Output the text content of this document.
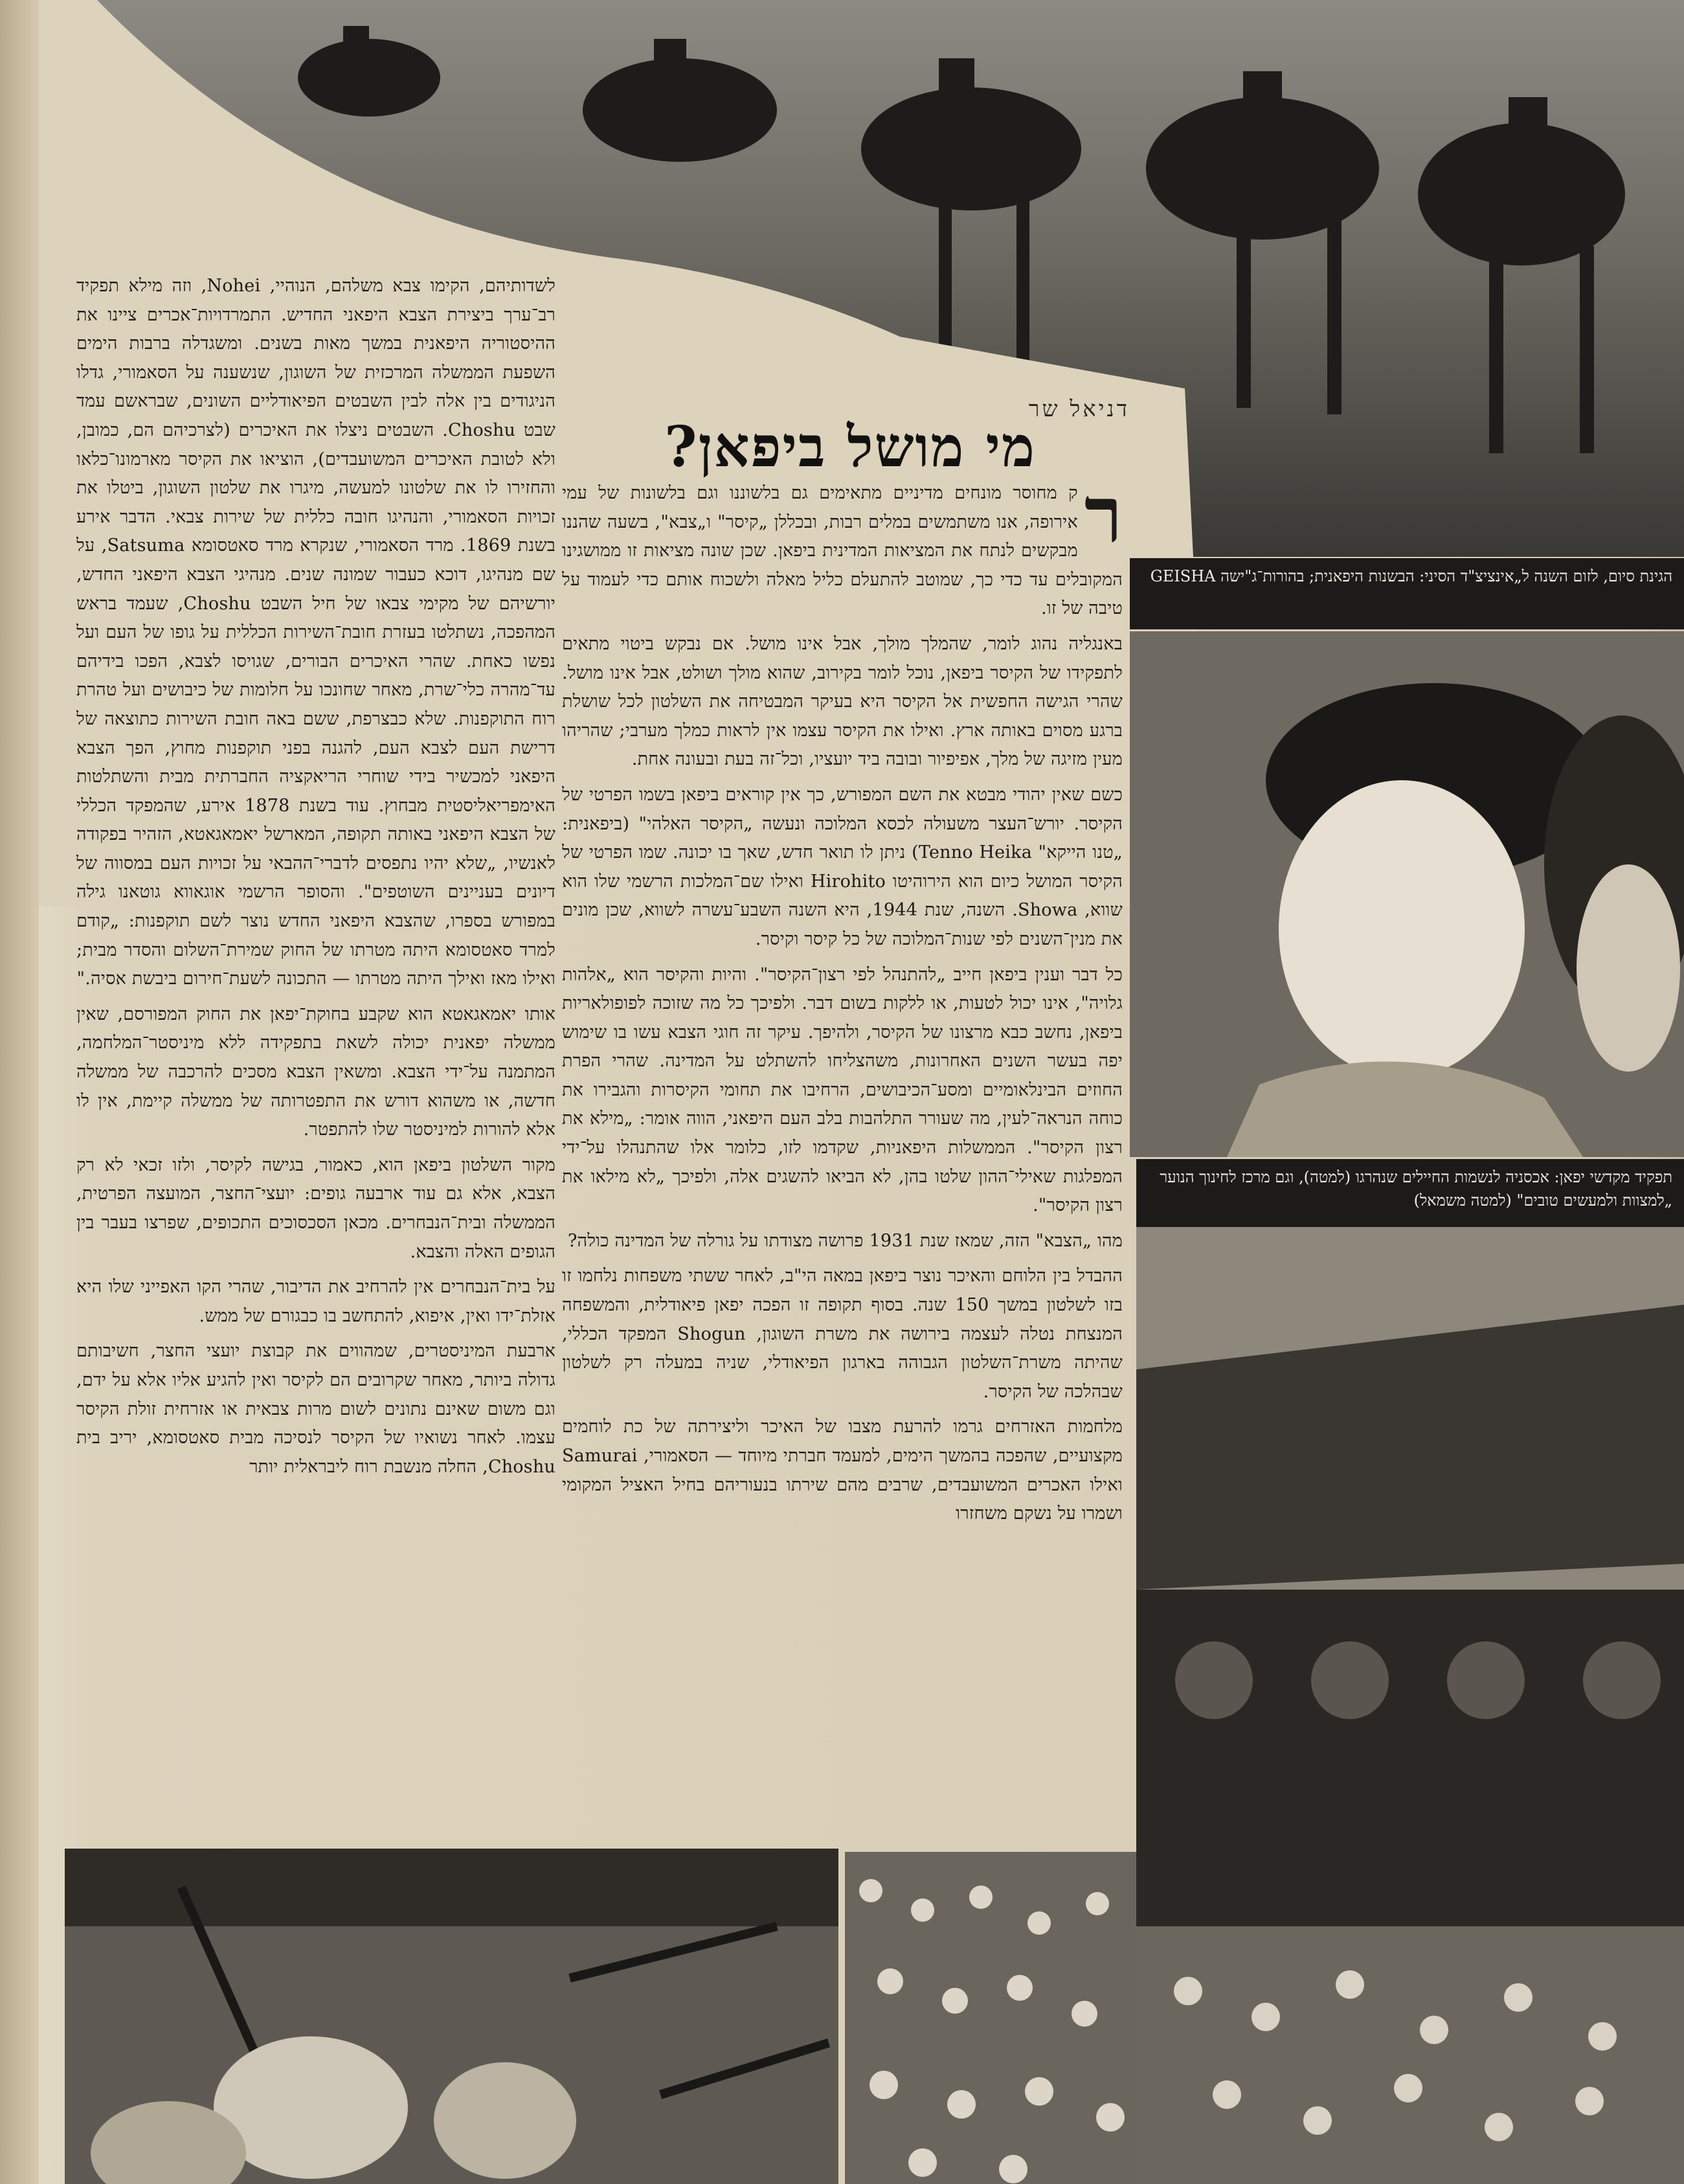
דניאל שר
מי מושל ביפאן?
ר

ק מחוסר מונחים מדיניים מתאימים גם בלשוננו וגם בלשונות של עמי אירופה, אנו משתמשים במלים רבות, ובכללן „קיסר" ו„צבא", בשעה שהננו מבקשים לנתח את המציאות המדינית ביפאן. שכן שונה מציאות זו ממושגינו המקובלים עד כדי כך, שמוטב להתעלם כליל מאלה ולשכוח אותם כדי לעמוד על טיבה של זו.

באנגליה נהוג לומר, שהמלך מולך, אבל אינו מושל. אם נבקש ביטוי מתאים לתפקידו של הקיסר ביפאן, נוכל לומר בקירוב, שהוא מולך ושולט, אבל אינו מושל. שהרי הגישה החפשית אל הקיסר היא בעיקר המבטיחה את השלטון לכל שושלת ברגע מסוים באותה ארץ. ואילו את הקיסר עצמו אין לראות כמלך מערבי; שהריהו מעין מזיגה של מלך, אפיפיור ובובה ביד יועציו, וכל־זה בעת ובעונה אחת.

כשם שאין יהודי מבטא את השם המפורש, כך אין קוראים ביפאן בשמו הפרטי של הקיסר. יורש־העצר משעולה לכסא המלוכה ונעשה „הקיסר האלהי" (ביפאנית: „טנו הייקא" Tenno Heika) ניתן לו תואר חדש, שאך בו יכונה. שמו הפרטי של הקיסר המושל כיום הוא הירוהיטו Hirohito ואילו שם־המלכות הרשמי שלו הוא שווא, Showa. השנה, שנת 1944, היא השנה השבע־עשרה לשווא, שכן מונים את מנין־השנים לפי שנות־המלוכה של כל קיסר וקיסר.

כל דבר וענין ביפאן חייב „להתנהל לפי רצון־הקיסר". והיות והקיסר הוא „אלהות גלויה", אינו יכול לטעות, או ללקות בשום דבר. ולפיכך כל מה שזוכה לפופולאריות ביפאן, נחשב כבא מרצונו של הקיסר, ולהיפך. עיקר זה חוגי הצבא עשו בו שימוש יפה בעשר השנים האחרונות, משהצליחו להשתלט על המדינה. שהרי הפרת החוזים הבינלאומיים ומסע־הכיבושים, הרחיבו את תחומי הקיסרות והגבירו את כוחה הנראה־לעין, מה שעורר התלהבות בלב העם היפאני, הווה אומר: „מילא את רצון הקיסר". הממשלות היפאניות, שקדמו לזו, כלומר אלו שהתנהלו על־ידי המפלגות שאילי־ההון שלטו בהן, לא הביאו להשגים אלה, ולפיכך „לא מילאו את רצון הקיסר".

מהו „הצבא" הזה, שמאז שנת 1931 פרושה מצודתו על גורלה של המדינה כולה?

ההבדל בין הלוחם והאיכר נוצר ביפאן במאה הי"ב, לאחר ששתי משפחות נלחמו זו בזו לשלטון במשך 150 שנה. בסוף תקופה זו הפכה יפאן פיאודלית, והמשפחה המנצחת נטלה לעצמה בירושה את משרת השוגון, Shogun המפקד הכללי, שהיתה משרת־השלטון הגבוהה בארגון הפיאודלי, שניה במעלה רק לשלטון שבהלכה של הקיסר.

מלחמות האזרחים גרמו להרעת מצבו של האיכר וליצירתה של כת לוחמים מקצועיים, שהפכה בהמשך הימים, למעמד חברתי מיוחד — הסאמורי, Samurai ואילו האכרים המשועבדים, שרבים מהם שירתו בנעוריהם בחיל האציל המקומי ושמרו על נשקם משחזרו

לשדותיהם, הקימו צבא משלהם, הנוהיי, Nohei, וזה מילא תפקיד רב־ערך ביצירת הצבא היפאני החדיש. התמרדויות־אכרים ציינו את ההיסטוריה היפאנית במשך מאות בשנים. ומשגדלה ברבות הימים השפעת הממשלה המרכזית של השוגון, שנשענה על הסאמורי, גדלו הניגודים בין אלה לבין השבטים הפיאודליים השונים, שבראשם עמד שבט Choshu. השבטים ניצלו את האיכרים (לצרכיהם הם, כמובן, ולא לטובת האיכרים המשועבדים), הוציאו את הקיסר מארמונו־כלאו והחזירו לו את שלטונו למעשה, מיגרו את שלטון השוגון, ביטלו את זכויות הסאמורי, והנהיגו חובה כללית של שירות צבאי. הדבר אירע בשנת 1869. מרד הסאמורי, שנקרא מרד סאטסומא Satsuma, על שם מנהיגו, דוכא כעבור שמונה שנים. מנהיגי הצבא היפאני החדש, יורשיהם של מקימי צבאו של חיל השבט Choshu, שעמד בראש המהפכה, נשתלטו בעזרת חובת־השירות הכללית על גופו של העם ועל נפשו כאחת. שהרי האיכרים הבורים, שגויסו לצבא, הפכו בידיהם עד־מהרה כלי־שרת, מאחר שחונכו על חלומות של כיבושים ועל טהרת רוח התוקפנות. שלא כבצרפת, ששם באה חובת השירות כתוצאה של דרישת העם לצבא העם, להגנה בפני תוקפנות מחוץ, הפך הצבא היפאני למכשיר בידי שוחרי הריאקציה החברתית מבית והשתלטות האימפריאליסטית מבחוץ. עוד בשנת 1878 אירע, שהמפקד הכללי של הצבא היפאני באותה תקופה, המארשל יאמאגאטא, הזהיר בפקודה לאנשיו, „שלא יהיו נתפסים לדברי־ההבאי על זכויות העם במסווה של דיונים בעניינים השוטפים". והסופר הרשמי אוגאווא גוטאנו גילה במפורש בספרו, שהצבא היפאני החדש נוצר לשם תוקפנות: „קודם למרד סאטסומא היתה מטרתו של החוק שמירת־השלום והסדר מבית; ואילו מאז ואילך היתה מטרתו — התכונה לשעת־חירום ביבשת אסיה."

אותו יאמאגאטא הוא שקבע בחוקת־יפאן את החוק המפורסם, שאין ממשלה יפאנית יכולה לשאת בתפקידה ללא מיניסטר־המלחמה, המתמנה על־ידי הצבא. ומשאין הצבא מסכים להרכבה של ממשלה חדשה, או משהוא דורש את התפטרותה של ממשלה קיימת, אין לו אלא להורות למיניסטר שלו להתפטר.

מקור השלטון ביפאן הוא, כאמור, בגישה לקיסר, ולזו זכאי לא רק הצבא, אלא גם עוד ארבעה גופים: יועצי־החצר, המועצה הפרטית, הממשלה ובית־הנבחרים. מכאן הסכסוכים התכופים, שפרצו בעבר בין הגופים האלה והצבא.

על בית־הנבחרים אין להרחיב את הדיבור, שהרי הקו האפייני שלו היא אזלת־ידו ואין, איפוא, להתחשב בו כבגורם של ממש.

ארבעת המיניסטרים, שמהווים את קבוצת יועצי החצר, חשיבותם גדולה ביותר, מאחר שקרובים הם לקיסר ואין להגיע אליו אלא על ידם, וגם משום שאינם נתונים לשום מרות צבאית או אזרחית זולת הקיסר עצמו. לאחר נשואיו של הקיסר לנסיכה מבית סאטסומא, יריב בית Choshu, החלה מנשבת רוח ליבראלית יותר

הגינת סיום, לזום השנה ל„אינציצ"ד הסיני: הבשנות היפאנית; בהורות־ג"ישה GEISHA
תפקיד מקדשי יפאן: אכסניה לנשמות החיילים שנהרגו (למטה), וגם מרכז לחינוך הנוער „למצוות ולמעשים טובים" (למטה משמאל)
